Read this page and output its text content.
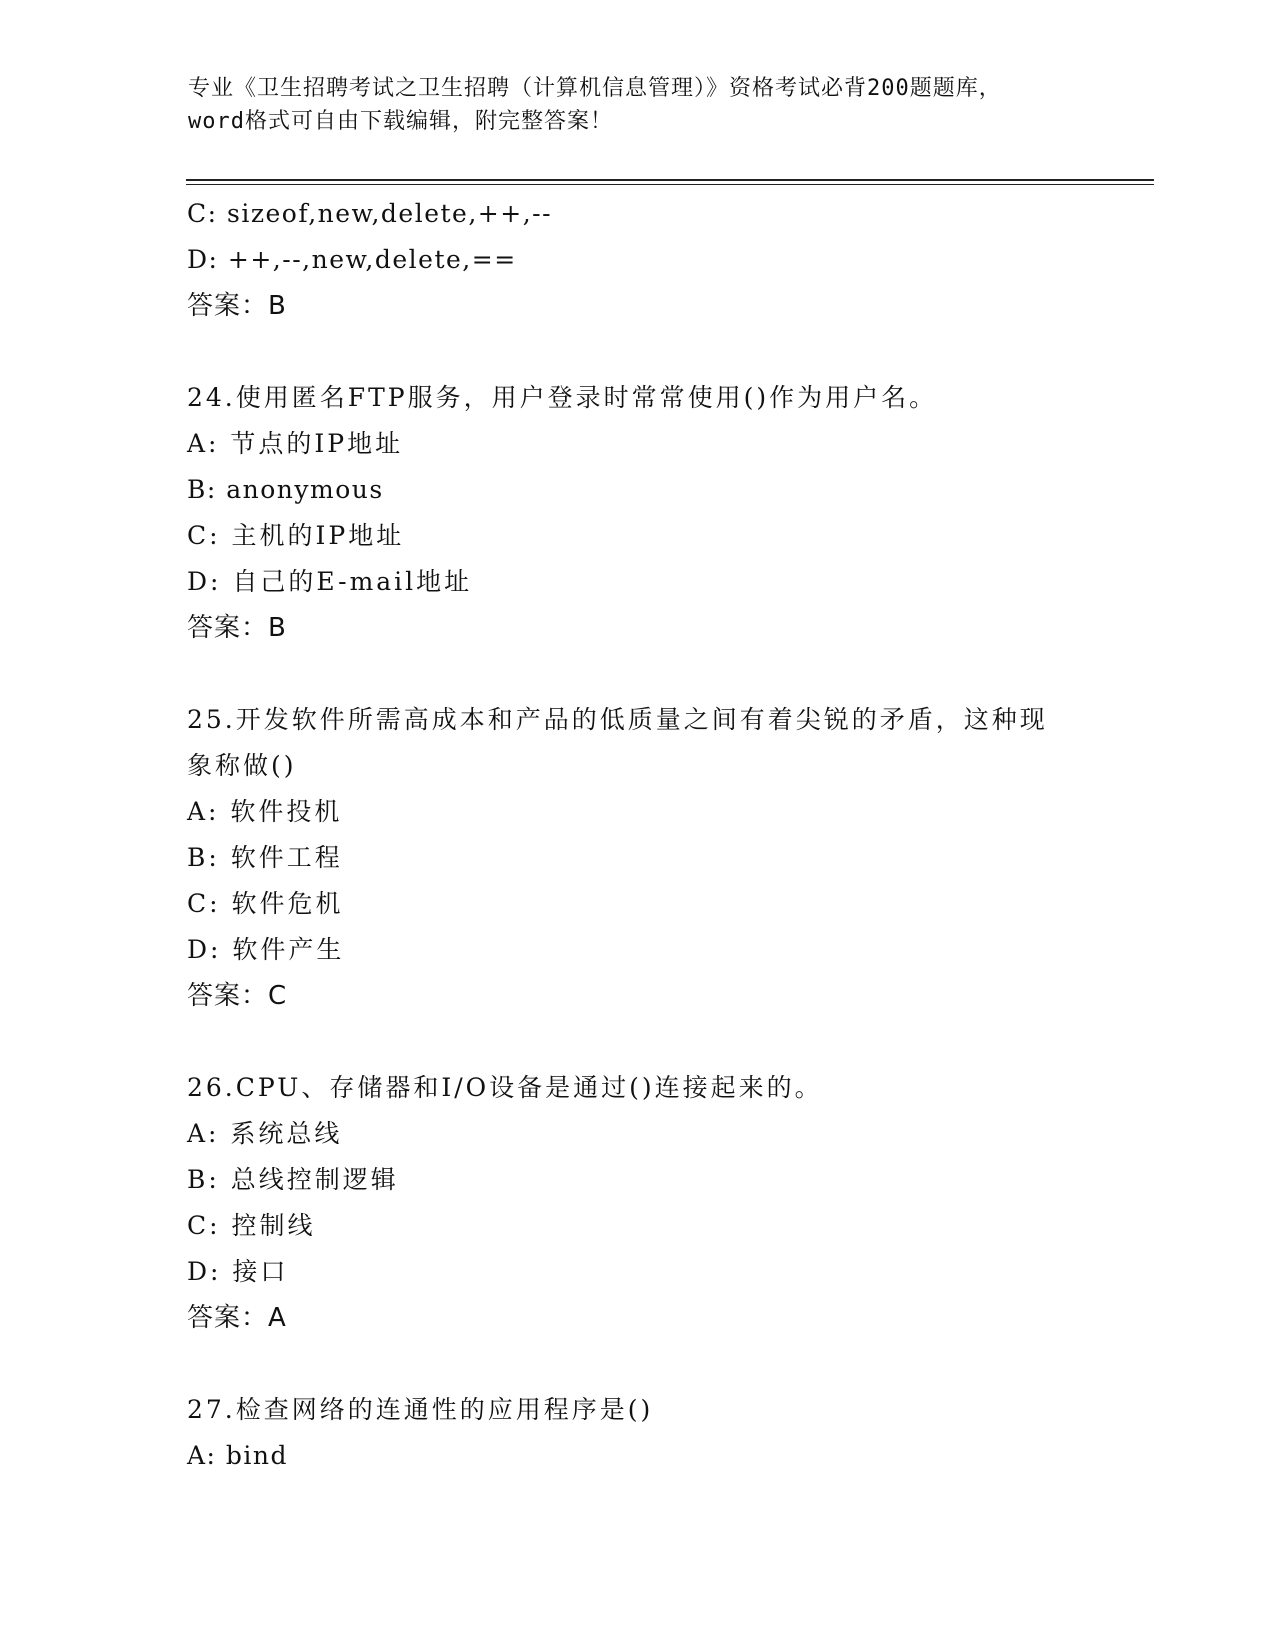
专业《卫生招聘考试之卫生招聘（计算机信息管理）》资格考试必背200题题库，
word格式可自由下载编辑，附完整答案！
C: sizeof,new,delete,++,--
D: ++,--,new,delete,==
答案：B
24.使用匿名FTP服务，用户登录时常常使用()作为用户名。
A: 节点的IP地址
B: anonymous
C: 主机的IP地址
D: 自己的E-mail地址
答案：B
25.开发软件所需高成本和产品的低质量之间有着尖锐的矛盾，这种现
象称做()
A: 软件投机
B: 软件工程
C: 软件危机
D: 软件产生
答案：C
26.CPU、存储器和I/O设备是通过()连接起来的。
A: 系统总线
B: 总线控制逻辑
C: 控制线
D: 接口
答案：A
27.检查网络的连通性的应用程序是()
A: bind
